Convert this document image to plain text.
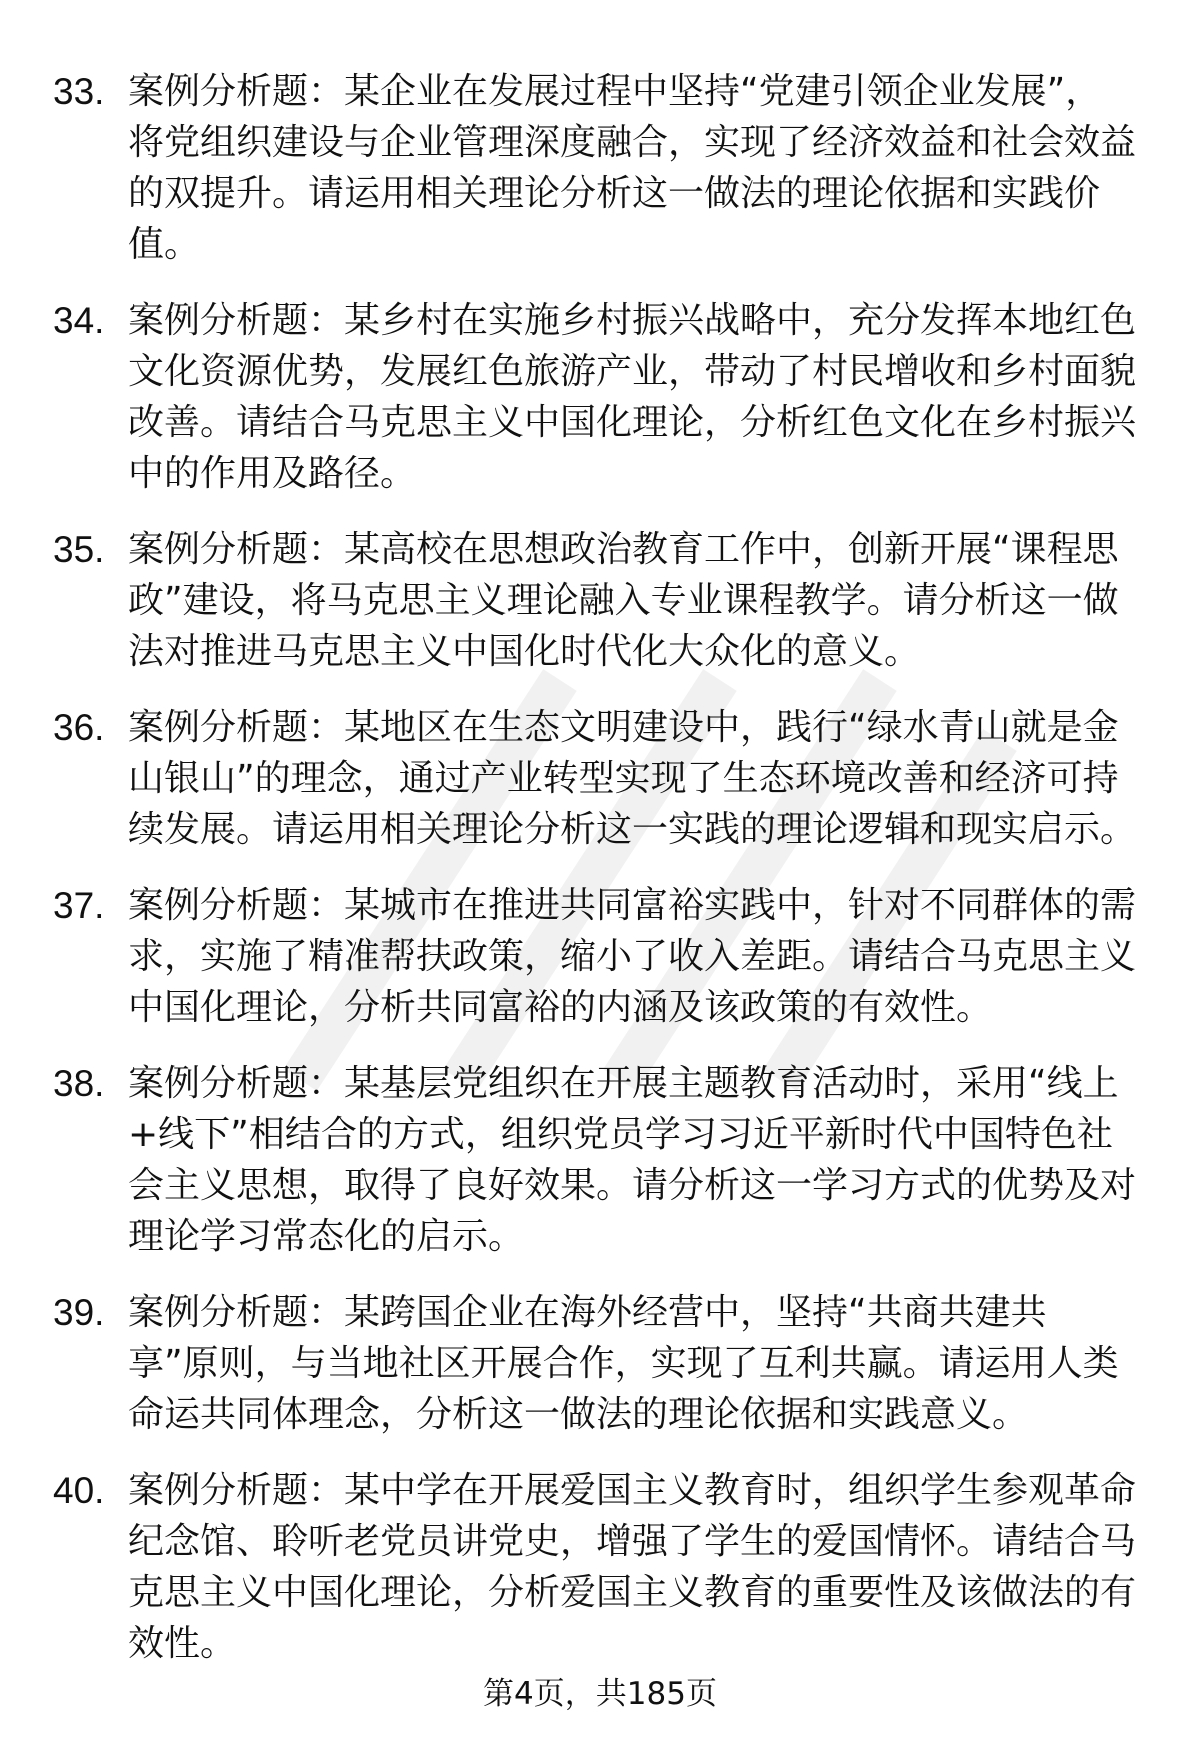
33. 案例分析题：某企业在发展过程中坚持“党建引领企业发展”，
将党组织建设与企业管理深度融合，实现了经济效益和社会效益
的双提升。请运用相关理论分析这一做法的理论依据和实践价
值。
34. 案例分析题：某乡村在实施乡村振兴战略中，充分发挥本地红色
文化资源优势，发展红色旅游产业，带动了村民增收和乡村面貌
改善。请结合马克思主义中国化理论，分析红色文化在乡村振兴
中的作用及路径。
35. 案例分析题：某高校在思想政治教育工作中，创新开展“课程思
政”建设，将马克思主义理论融入专业课程教学。请分析这一做
法对推进马克思主义中国化时代化大众化的意义。
36. 案例分析题：某地区在生态文明建设中，践行“绿水青山就是金
山银山”的理念，通过产业转型实现了生态环境改善和经济可持
续发展。请运用相关理论分析这一实践的理论逻辑和现实启示。
37. 案例分析题：某城市在推进共同富裕实践中，针对不同群体的需
求，实施了精准帮扶政策，缩小了收入差距。请结合马克思主义
中国化理论，分析共同富裕的内涵及该政策的有效性。
38. 案例分析题：某基层党组织在开展主题教育活动时，采用“线上
+线下”相结合的方式，组织党员学习习近平新时代中国特色社
会主义思想，取得了良好效果。请分析这一学习方式的优势及对
理论学习常态化的启示。
39. 案例分析题：某跨国企业在海外经营中，坚持“共商共建共
享”原则，与当地社区开展合作，实现了互利共赢。请运用人类
命运共同体理念，分析这一做法的理论依据和实践意义。
40. 案例分析题：某中学在开展爱国主义教育时，组织学生参观革命
纪念馆、聆听老党员讲党史，增强了学生的爱国情怀。请结合马
克思主义中国化理论，分析爱国主义教育的重要性及该做法的有
效性。
第4页，共185页
